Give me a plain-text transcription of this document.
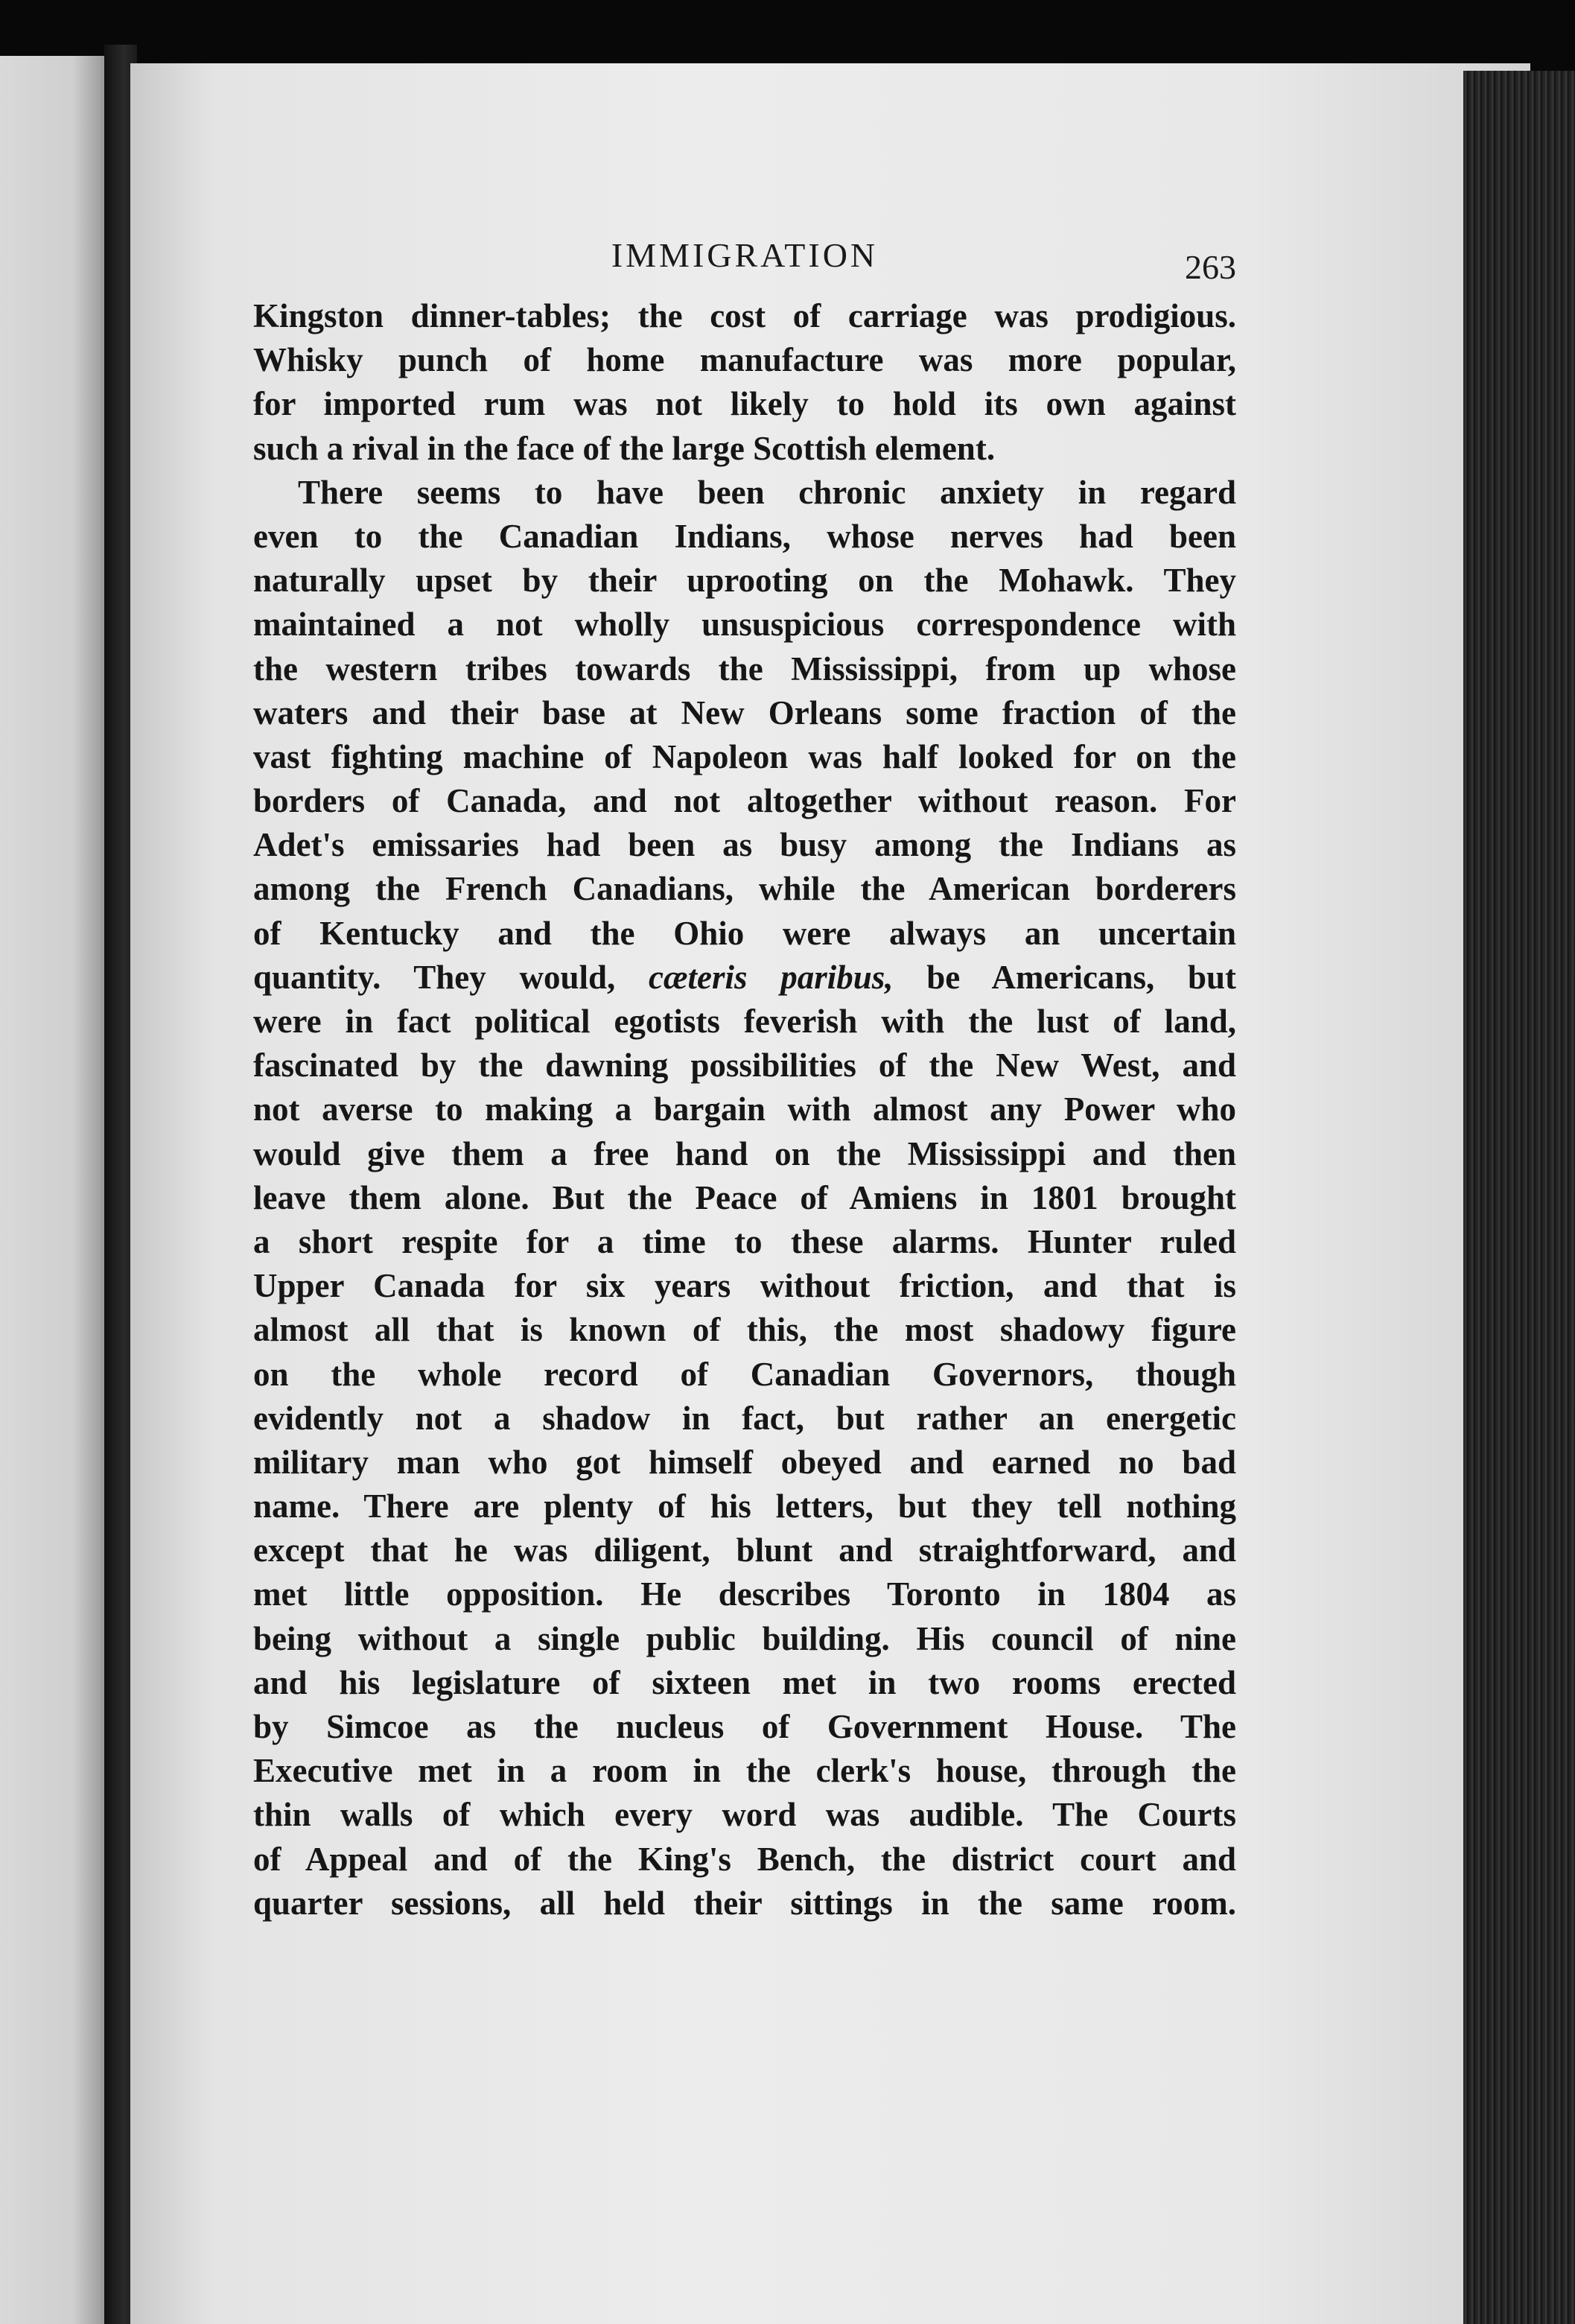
IMMIGRATION	263
Kingston dinner-tables; the cost of carriage was prodigious.
Whisky punch of home manufacture was more popular,
for imported rum was not likely to hold its own against
such a rival in the face of the large Scottish element.
There seems to have been chronic anxiety in regard
even to the Canadian Indians, whose nerves had been
naturally upset by their uprooting on the Mohawk. They
maintained a not wholly unsuspicious correspondence with
the western tribes towards the Mississippi, from up whose
waters and their base at New Orleans some fraction of the
vast fighting machine of Napoleon was half looked for on the
borders of Canada, and not altogether without reason. For
Adet's emissaries had been as busy among the Indians as
among the French Canadians, while the American borderers
of Kentucky and the Ohio were always an uncertain
quantity. They would, cæteris paribus, be Americans, but
were in fact political egotists feverish with the lust of land,
fascinated by the dawning possibilities of the New West, and
not averse to making a bargain with almost any Power who
would give them a free hand on the Mississippi and then
leave them alone. But the Peace of Amiens in 1801 brought
a short respite for a time to these alarms. Hunter ruled
Upper Canada for six years without friction, and that is
almost all that is known of this, the most shadowy figure
on the whole record of Canadian Governors, though
evidently not a shadow in fact, but rather an energetic
military man who got himself obeyed and earned no bad
name. There are plenty of his letters, but they tell nothing
except that he was diligent, blunt and straightforward, and
met little opposition. He describes Toronto in 1804 as
being without a single public building. His council of nine
and his legislature of sixteen met in two rooms erected
by Simcoe as the nucleus of Government House. The
Executive met in a room in the clerk's house, through the
thin walls of which every word was audible. The Courts
of Appeal and of the King's Bench, the district court and
quarter sessions, all held their sittings in the same room.
